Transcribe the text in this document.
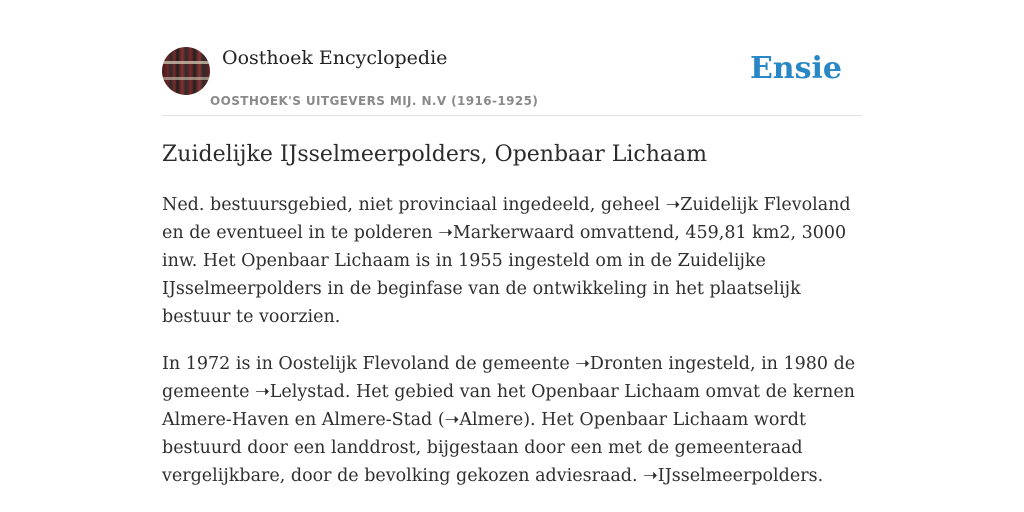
Oosthoek Encyclopedie
OOSTHOEK'S UITGEVERS MIJ. N.V (1916-1925)
Ensie
Zuidelijke IJsselmeerpolders, Openbaar Lichaam

Ned. bestuursgebied, niet provinciaal ingedeeld, geheel ➝Zuidelijk Flevoland en de eventueel in te polderen ➝Markerwaard omvattend, 459,81 km2, 3000 inw. Het Openbaar Lichaam is in 1955 ingesteld om in de Zuidelijke IJsselmeerpolders in de beginfase van de ontwikkeling in het plaatselijk bestuur te voorzien.

In 1972 is in Oostelijk Flevoland de gemeente ➝Dronten ingesteld, in 1980 de gemeente ➝Lelystad. Het gebied van het Openbaar Lichaam omvat de kernen Almere-Haven en Almere-Stad (➝Almere). Het Openbaar Lichaam wordt bestuurd door een landdrost, bijgestaan door een met de gemeenteraad vergelijkbare, door de bevolking gekozen adviesraad. ➝IJsselmeerpolders.
